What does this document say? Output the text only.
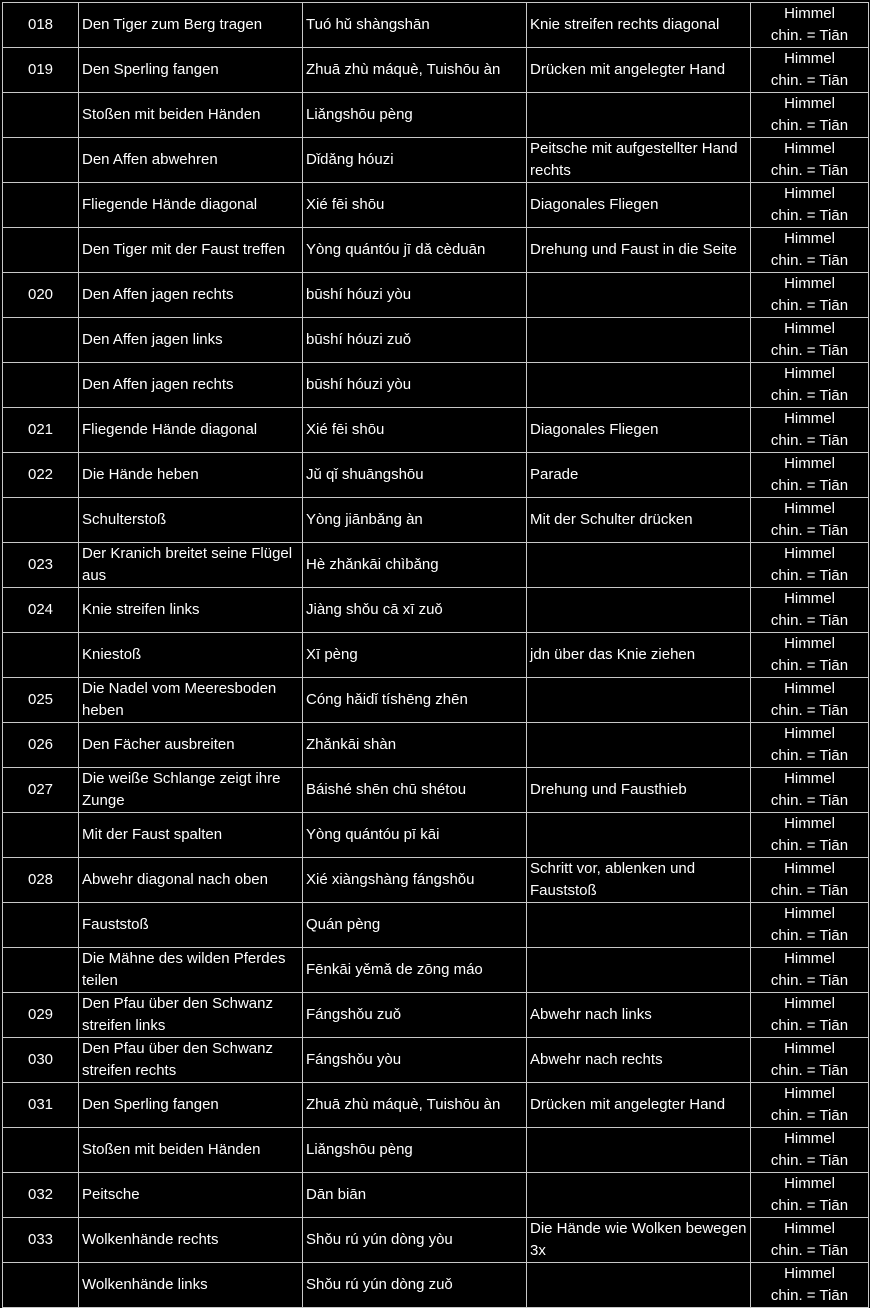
018	Den Tiger zum Berg tragen	Tuó hǔ shàngshān	Knie streifen rechts diagonal	Himmel
chin. = Tiān

019	Den Sperling fangen	Zhuā zhù máquè, Tuishōu àn	Drücken mit angelegter Hand	Himmel
chin. = Tiān

	Stoßen mit beiden Händen	Liǎngshōu pèng		Himmel
chin. = Tiān

	Den Affen abwehren	Dǐdǎng hóuzi	Peitsche mit aufgestellter Hand rechts	Himmel
chin. = Tiān

	Fliegende Hände diagonal	Xié fēi shōu	Diagonales Fliegen	Himmel
chin. = Tiān

	Den Tiger mit der Faust treffen	Yòng quántóu jī dǎ cèduān	Drehung und Faust in die Seite	Himmel
chin. = Tiān

020	Den Affen jagen rechts	būshí hóuzi yòu		Himmel
chin. = Tiān

	Den Affen jagen links	būshí hóuzi zuǒ		Himmel
chin. = Tiān

	Den Affen jagen rechts	būshí hóuzi yòu		Himmel
chin. = Tiān

021	Fliegende Hände diagonal	Xié fēi shōu	Diagonales Fliegen	Himmel
chin. = Tiān

022	Die Hände heben	Jǔ qǐ shuāngshōu	Parade	Himmel
chin. = Tiān

	Schulterstoß	Yòng jiānbǎng àn	Mit der Schulter drücken	Himmel
chin. = Tiān

023	Der Kranich breitet seine Flügel aus	Hè zhǎnkāi chìbǎng		Himmel
chin. = Tiān

024	Knie streifen links	Jiàng shǒu cā xī zuǒ		Himmel
chin. = Tiān

	Kniestoß	Xī pèng	jdn über das Knie ziehen	Himmel
chin. = Tiān

025	Die Nadel vom Meeresboden heben	Cóng hǎidǐ tíshēng zhēn		Himmel
chin. = Tiān

026	Den Fächer ausbreiten	Zhǎnkāi shàn		Himmel
chin. = Tiān

027	Die weiße Schlange zeigt ihre Zunge	Báishé shēn chū shétou	Drehung und Fausthieb	Himmel
chin. = Tiān

	Mit der Faust spalten	Yòng quántóu pī kāi		Himmel
chin. = Tiān

028	Abwehr diagonal nach oben	Xié xiàngshàng fángshǒu	Schritt vor, ablenken und Fauststoß	Himmel
chin. = Tiān

	Fauststoß	Quán pèng		Himmel
chin. = Tiān

	Die Mähne des wilden Pferdes teilen	Fēnkāi yěmǎ de zōng máo		Himmel
chin. = Tiān

029	Den Pfau über den Schwanz streifen links	Fángshǒu zuǒ	Abwehr nach links	Himmel
chin. = Tiān

030	Den Pfau über den Schwanz streifen rechts	Fángshǒu yòu	Abwehr nach rechts	Himmel
chin. = Tiān

031	Den Sperling fangen	Zhuā zhù máquè, Tuishōu àn	Drücken mit angelegter Hand	Himmel
chin. = Tiān

	Stoßen mit beiden Händen	Liǎngshōu pèng		Himmel
chin. = Tiān

032	Peitsche	Dān biān		Himmel
chin. = Tiān

033	Wolkenhände rechts	Shǒu rú yún dòng yòu	Die Hände wie Wolken bewegen 3x	Himmel
chin. = Tiān

	Wolkenhände links	Shǒu rú yún dòng zuǒ		Himmel
chin. = Tiān
